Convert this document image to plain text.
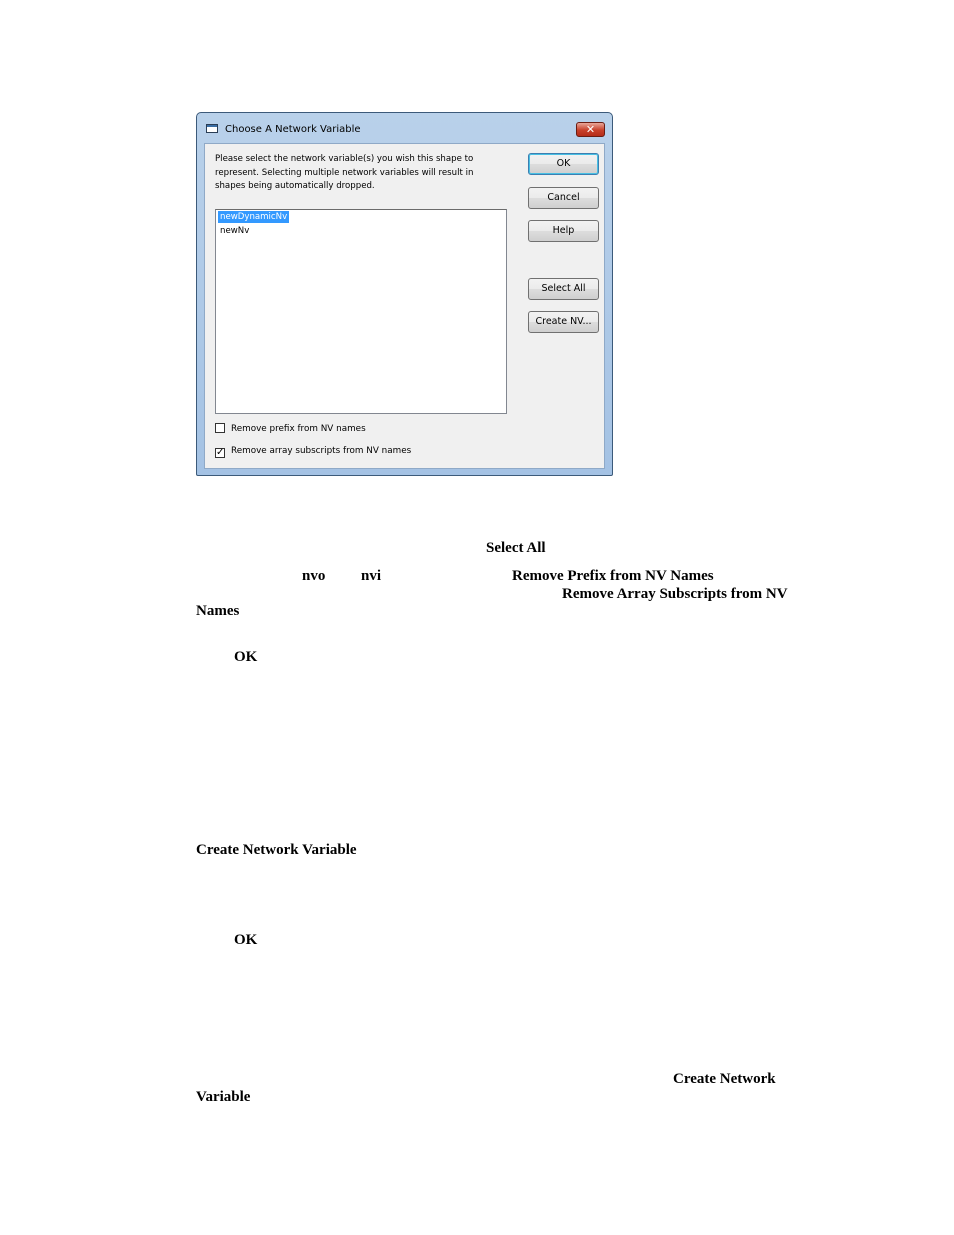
Choose A Network Variable	✕
Please select the network variable(s) you wish this shape to represent. Selecting multiple network variables will result in shapes being automatically dropped.
newDynamicNv
newNv
OK
Cancel
Help
Select All
Create NV...
Remove prefix from NV names
✓ Remove array subscripts from NV names
Select All
nvo nvi	Remove Prefix from NV Names
Remove Array Subscripts from NV
Names
OK
Create Network Variable
OK
Create Network
Variable
